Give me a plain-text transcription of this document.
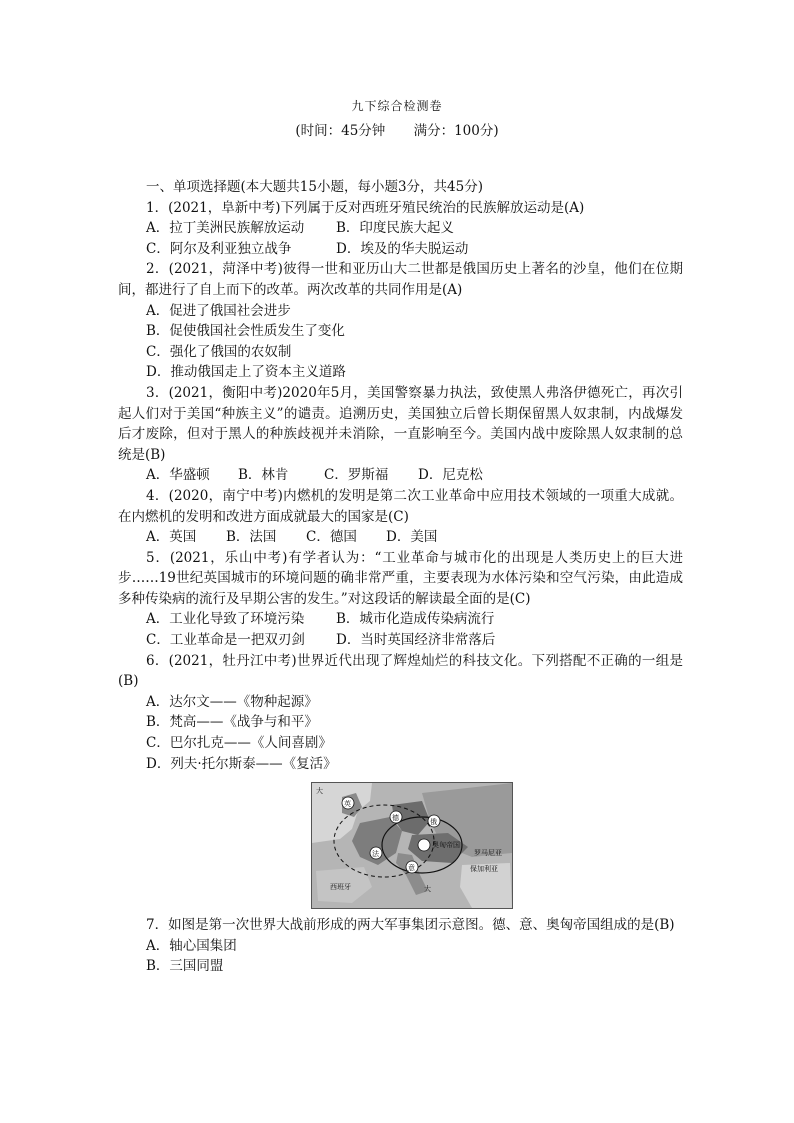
九下综合检测卷
(时间：45分钟 满分：100分)
一、单项选择题(本大题共15小题，每小题3分，共45分)
1．(2021，阜新中考)下列属于反对西班牙殖民统治的民族解放运动是(A)
A．拉丁美洲民族解放运动 B．印度民族大起义
C．阿尔及利亚独立战争	D．埃及的华夫脱运动
2．(2021，菏泽中考)彼得一世和亚历山大二世都是俄国历史上著名的沙皇，他们在位期间，都进行了自上而下的改革。两次改革的共同作用是(A)
A．促进了俄国社会进步
B．促使俄国社会性质发生了变化
C．强化了俄国的农奴制
D．推动俄国走上了资本主义道路
3．(2021，衡阳中考)2020年5月，美国警察暴力执法，致使黑人弗洛伊德死亡，再次引起人们对于美国“种族主义”的谴责。追溯历史，美国独立后曾长期保留黑人奴隶制，内战爆发后才废除，但对于黑人的种族歧视并未消除，一直影响至今。美国内战中废除黑人奴隶制的总统是(B)
A．华盛顿 B．林肯	C．罗斯福 D．尼克松
4．(2020，南宁中考)内燃机的发明是第二次工业革命中应用技术领域的一项重大成就。在内燃机的发明和改进方面成就最大的国家是(C)
A．英国 B．法国 C．德国 D．美国
5．(2021，乐山中考)有学者认为：“工业革命与城市化的出现是人类历史上的巨大进步……19世纪英国城市的环境问题的确非常严重，主要表现为水体污染和空气污染，由此造成多种传染病的流行及早期公害的发生。”对这段话的解读最全面的是(C)
A．工业化导致了环境污染 B．城市化造成传染病流行
C．工业革命是一把双刃剑 D．当时英国经济非常落后
6．(2021，牡丹江中考)世界近代出现了辉煌灿烂的科技文化。下列搭配不正确的一组是(B)
A．达尔文——《物种起源》
B．梵高——《战争与和平》
C．巴尔扎克——《人间喜剧》
D．列夫·托尔斯泰——《复活》
大
英
德	俄
法
意
奥匈帝国
西班牙
保加利亚
罗马尼亚
大
7．如图是第一次世界大战前形成的两大军事集团示意图。德、意、奥匈帝国组成的是(B)
A．轴心国集团
B．三国同盟
